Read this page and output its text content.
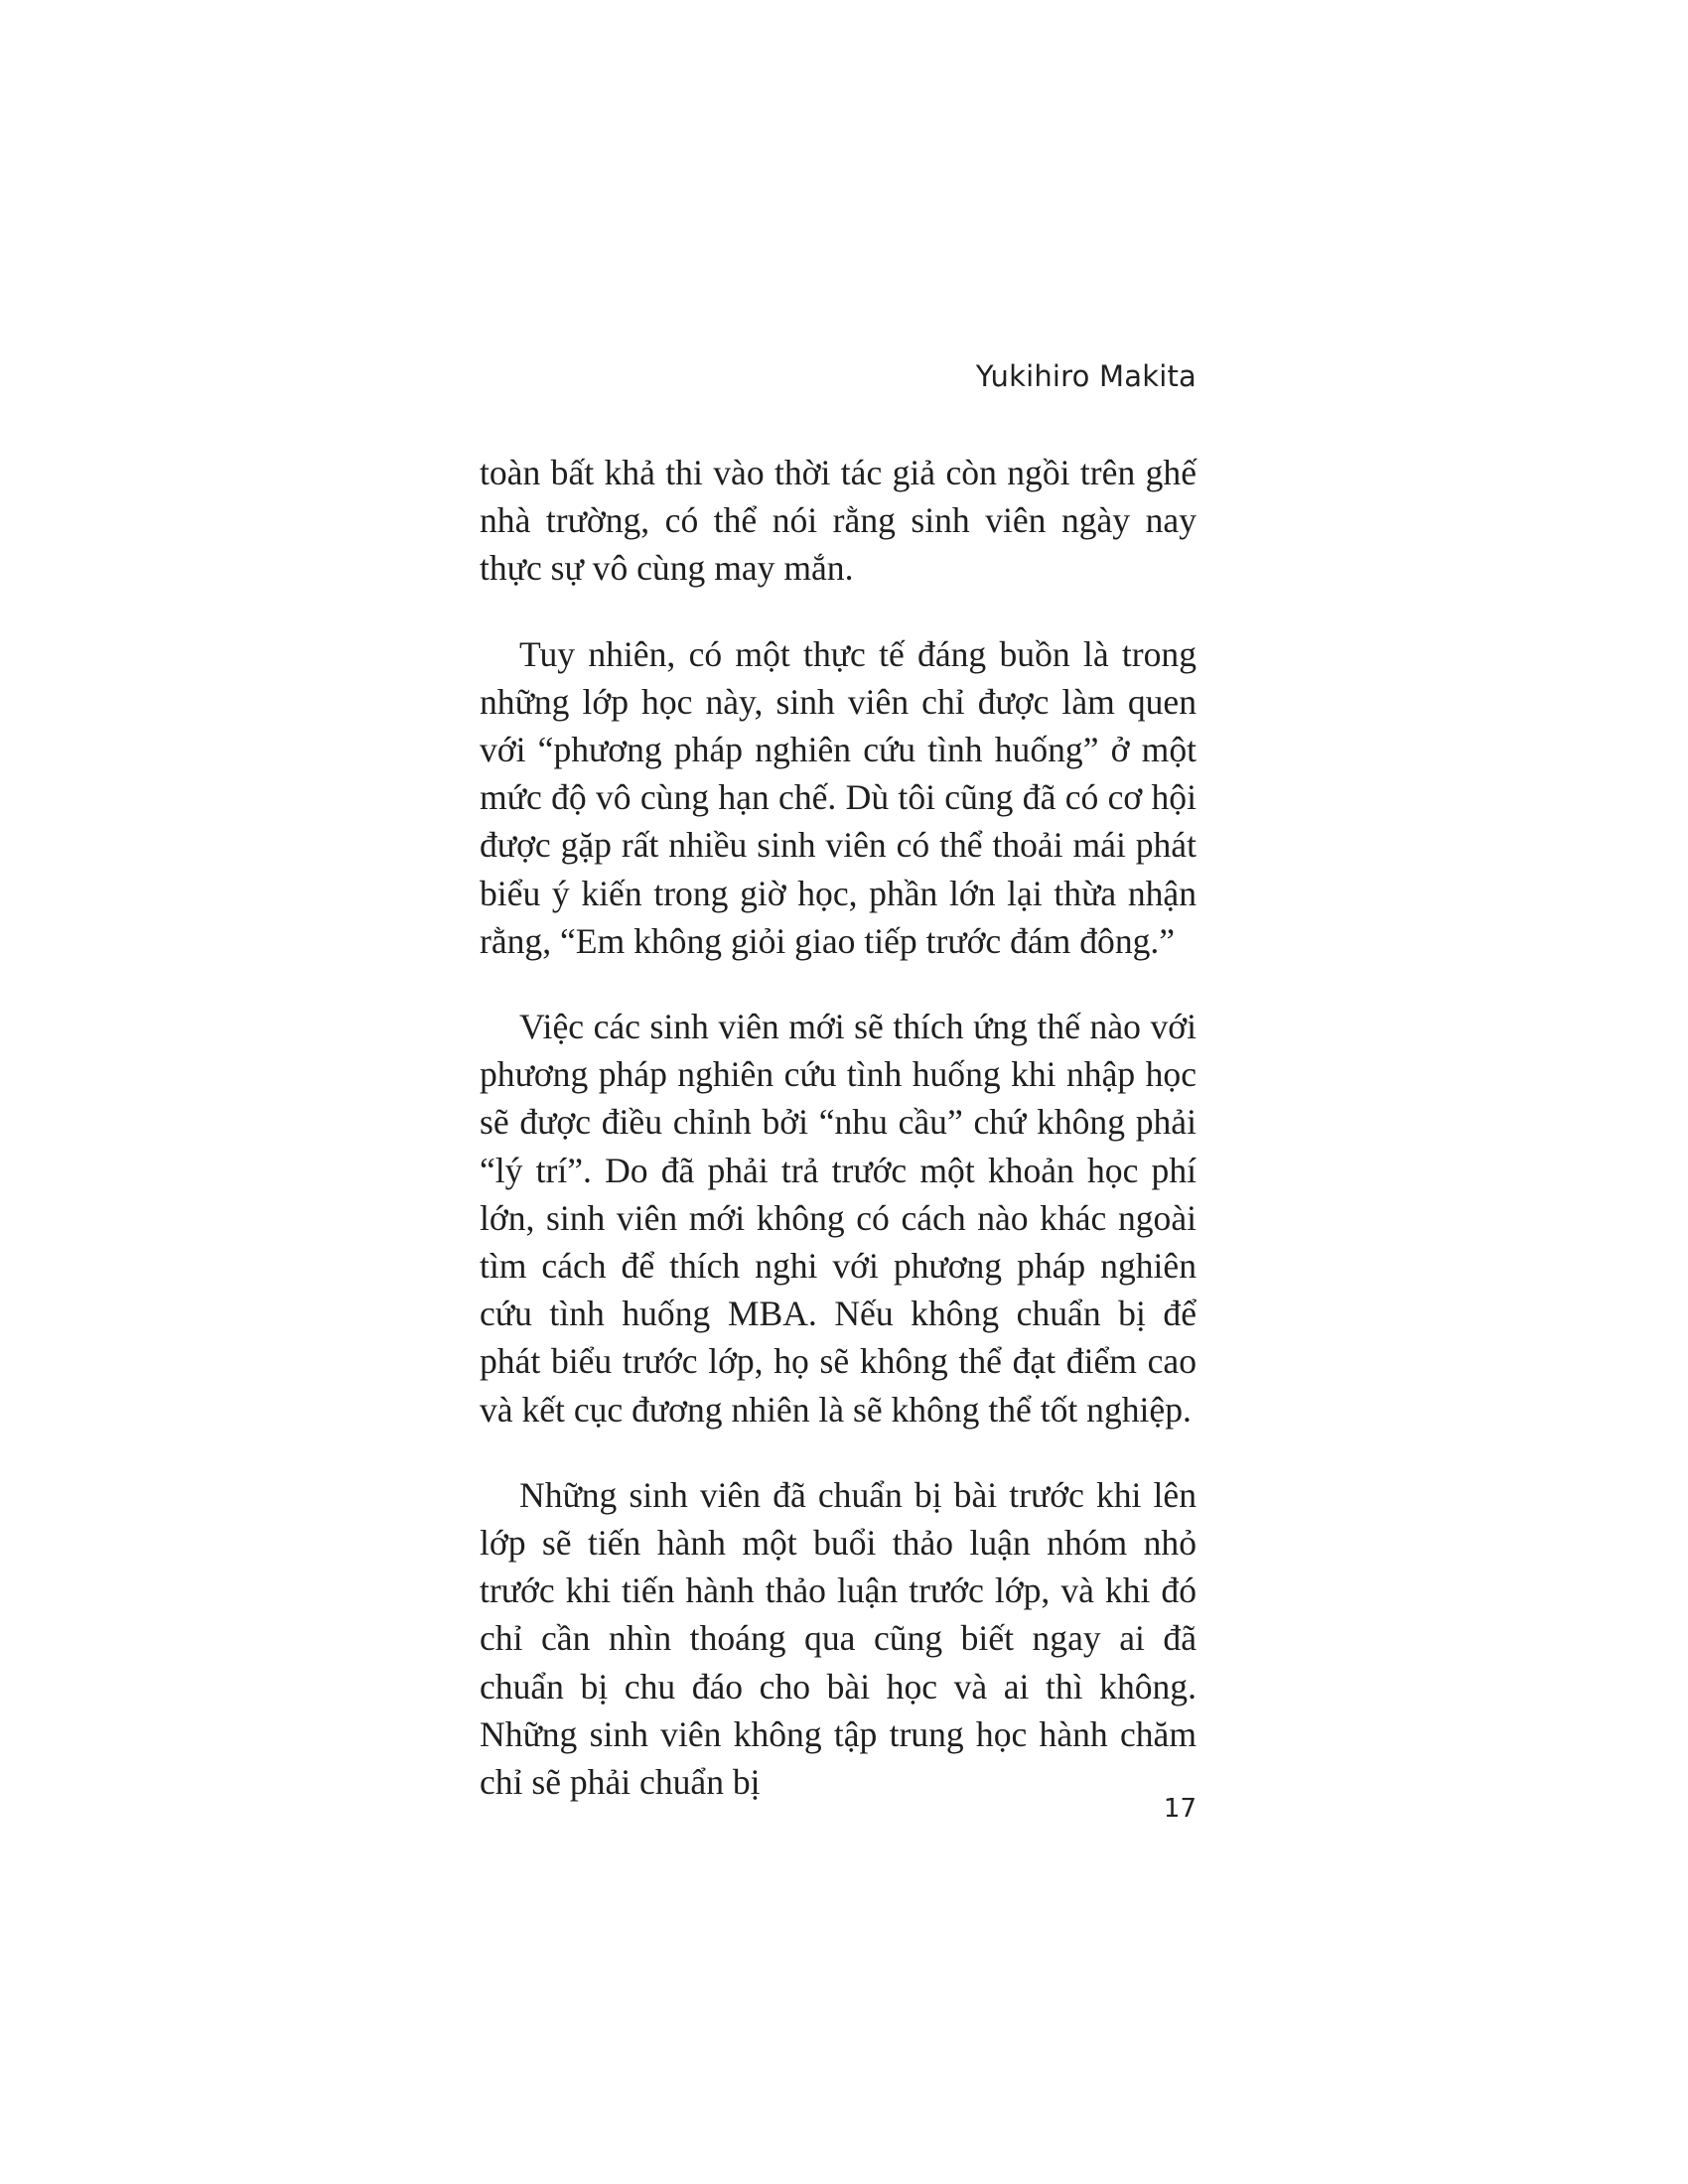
Yukihiro Makita

toàn bất khả thi vào thời tác giả còn ngồi trên ghế nhà trường, có thể nói rằng sinh viên ngày nay thực sự vô cùng may mắn.

Tuy nhiên, có một thực tế đáng buồn là trong những lớp học này, sinh viên chỉ được làm quen với “phương pháp nghiên cứu tình huống” ở một mức độ vô cùng hạn chế. Dù tôi cũng đã có cơ hội được gặp rất nhiều sinh viên có thể thoải mái phát biểu ý kiến trong giờ học, phần lớn lại thừa nhận rằng, “Em không giỏi giao tiếp trước đám đông.”

Việc các sinh viên mới sẽ thích ứng thế nào với phương pháp nghiên cứu tình huống khi nhập học sẽ được điều chỉnh bởi “nhu cầu” chứ không phải “lý trí”. Do đã phải trả trước một khoản học phí lớn, sinh viên mới không có cách nào khác ngoài tìm cách để thích nghi với phương pháp nghiên cứu tình huống MBA. Nếu không chuẩn bị để phát biểu trước lớp, họ sẽ không thể đạt điểm cao và kết cục đương nhiên là sẽ không thể tốt nghiệp.

Những sinh viên đã chuẩn bị bài trước khi lên lớp sẽ tiến hành một buổi thảo luận nhóm nhỏ trước khi tiến hành thảo luận trước lớp, và khi đó chỉ cần nhìn thoáng qua cũng biết ngay ai đã chuẩn bị chu đáo cho bài học và ai thì không. Những sinh viên không tập trung học hành chăm chỉ sẽ phải chuẩn bị

17
